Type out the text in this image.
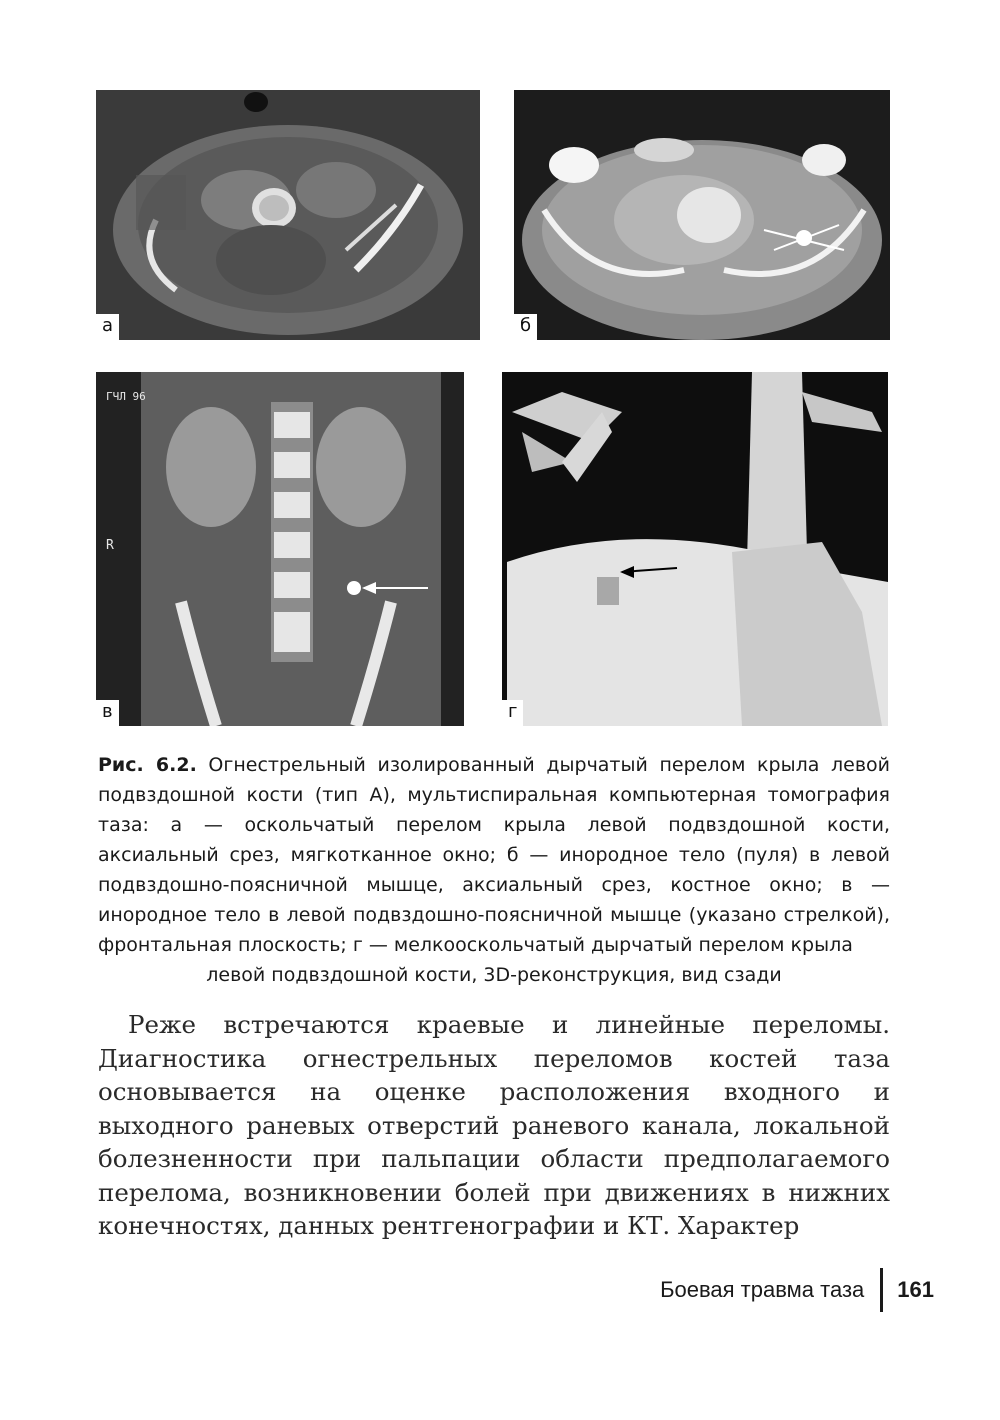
а	б
ГЧЛ 96
R
в	г
Рис. 6.2. Огнестрельный изолированный дырчатый перелом крыла левой подвздошной кости (тип А), мультиспиральная компьютерная томография таза: а — оскольчатый перелом крыла левой подвздошной кости, аксиальный срез, мягкотканное окно; б — инородное тело (пуля) в левой подвздошно-поясничной мышце, аксиальный срез, костное окно; в — инородное тело в левой подвздошно-поясничной мышце (указано стрелкой), фронтальная плоскость; г — мелкооскольчатый дырчатый перелом крыла
левой подвздошной кости, 3D-реконструкция, вид сзади
Реже встречаются краевые и линейные переломы. Диагностика огнестрельных переломов костей таза основывается на оценке расположения входного и выходного раневых отверстий раневого канала, локальной болезненности при пальпации области предполагаемого перелома, возникновении болей при движениях в нижних конечностях, данных рентгенографии и КТ. Характер
Боевая травма таза	161
